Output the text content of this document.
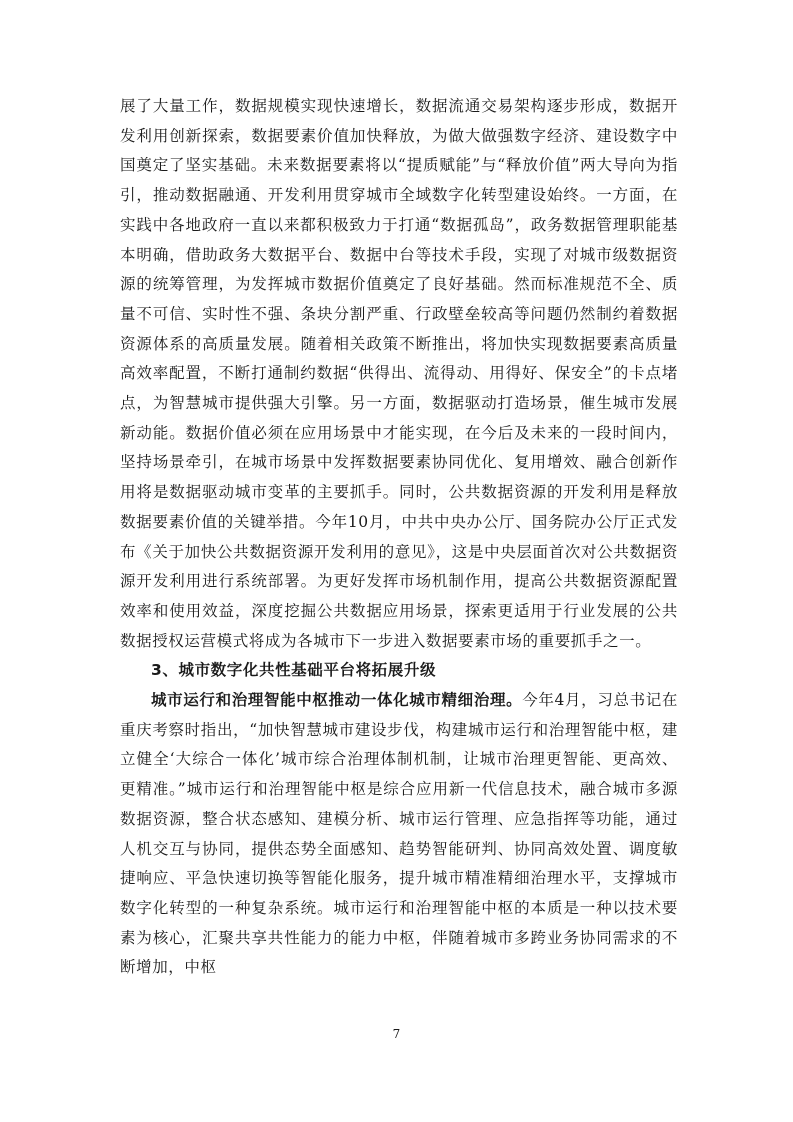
展了大量工作，数据规模实现快速增长，数据流通交易架构逐步形成，数据开发利用创新探索，数据要素价值加快释放，为做大做强数字经济、建设数字中国奠定了坚实基础。未来数据要素将以“提质赋能”与“释放价值”两大导向为指引，推动数据融通、开发利用贯穿城市全域数字化转型建设始终。一方面，在实践中各地政府一直以来都积极致力于打通“数据孤岛”，政务数据管理职能基本明确，借助政务大数据平台、数据中台等技术手段，实现了对城市级数据资源的统筹管理，为发挥城市数据价值奠定了良好基础。然而标准规范不全、质量不可信、实时性不强、条块分割严重、行政壁垒较高等问题仍然制约着数据资源体系的高质量发展。随着相关政策不断推出，将加快实现数据要素高质量高效率配置，不断打通制约数据“供得出、流得动、用得好、保安全”的卡点堵点，为智慧城市提供强大引擎。另一方面，数据驱动打造场景，催生城市发展新动能。数据价值必须在应用场景中才能实现，在今后及未来的一段时间内，坚持场景牵引，在城市场景中发挥数据要素协同优化、复用增效、融合创新作用将是数据驱动城市变革的主要抓手。同时，公共数据资源的开发利用是释放数据要素价值的关键举措。今年10月，中共中央办公厅、国务院办公厅正式发布《关于加快公共数据资源开发利用的意见》，这是中央层面首次对公共数据资源开发利用进行系统部署。为更好发挥市场机制作用，提高公共数据资源配置效率和使用效益，深度挖掘公共数据应用场景，探索更适用于行业发展的公共数据授权运营模式将成为各城市下一步进入数据要素市场的重要抓手之一。

3、城市数字化共性基础平台将拓展升级

城市运行和治理智能中枢推动一体化城市精细治理。今年4月，习总书记在重庆考察时指出，“加快智慧城市建设步伐，构建城市运行和治理智能中枢，建立健全‘大综合一体化’城市综合治理体制机制，让城市治理更智能、更高效、更精准。”城市运行和治理智能中枢是综合应用新一代信息技术，融合城市多源数据资源，整合状态感知、建模分析、城市运行管理、应急指挥等功能，通过人机交互与协同，提供态势全面感知、趋势智能研判、协同高效处置、调度敏捷响应、平急快速切换等智能化服务，提升城市精准精细治理水平，支撑城市数字化转型的一种复杂系统。城市运行和治理智能中枢的本质是一种以技术要素为核心，汇聚共享共性能力的能力中枢，伴随着城市多跨业务协同需求的不断增加，中枢

7
